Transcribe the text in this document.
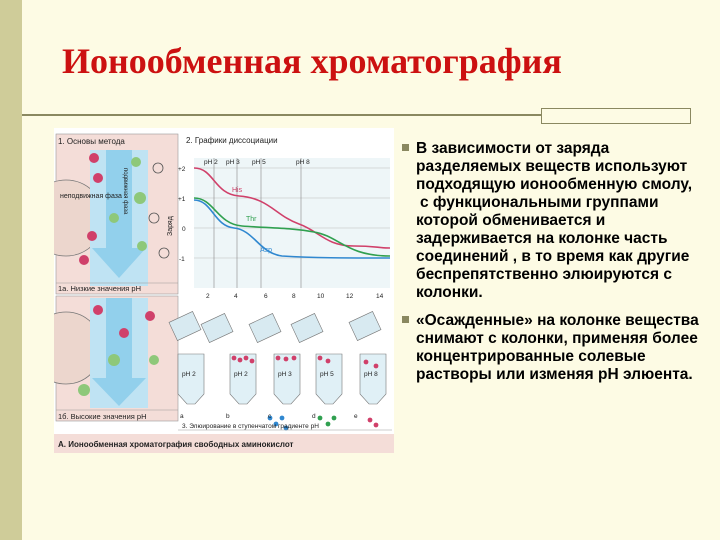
Ионообменная хроматография
1. Основы метода
неподвижная фаза подвижная фаза
1а. Низкие значения рН
1б. Высокие значения рН
2. Графики диссоциации
Заряд
рН 2 рН 3 рН 5	рН 8
+2
+1
0
-1
His
Thr
Asp
2	4	6	8	10	12	14
pH 2	pH 2	pH 3	pH 5	pH 8
a	b	c	d	e
3. Элюирование в ступенчатом градиенте рН
А. Ионообменная хроматография свободных аминокислот
В зависимости от заряда разделяемых веществ используют подходящую ионообменную смолу,
с функциональными группами которой обменивается и задерживается на колонке часть соединений , в то время как другие беспрепятственно элюируются с колонки.
«Осажденные» на колонке вещества снимают с колонки, применяя более концентрированные солевые растворы или изменяя рН элюента.
